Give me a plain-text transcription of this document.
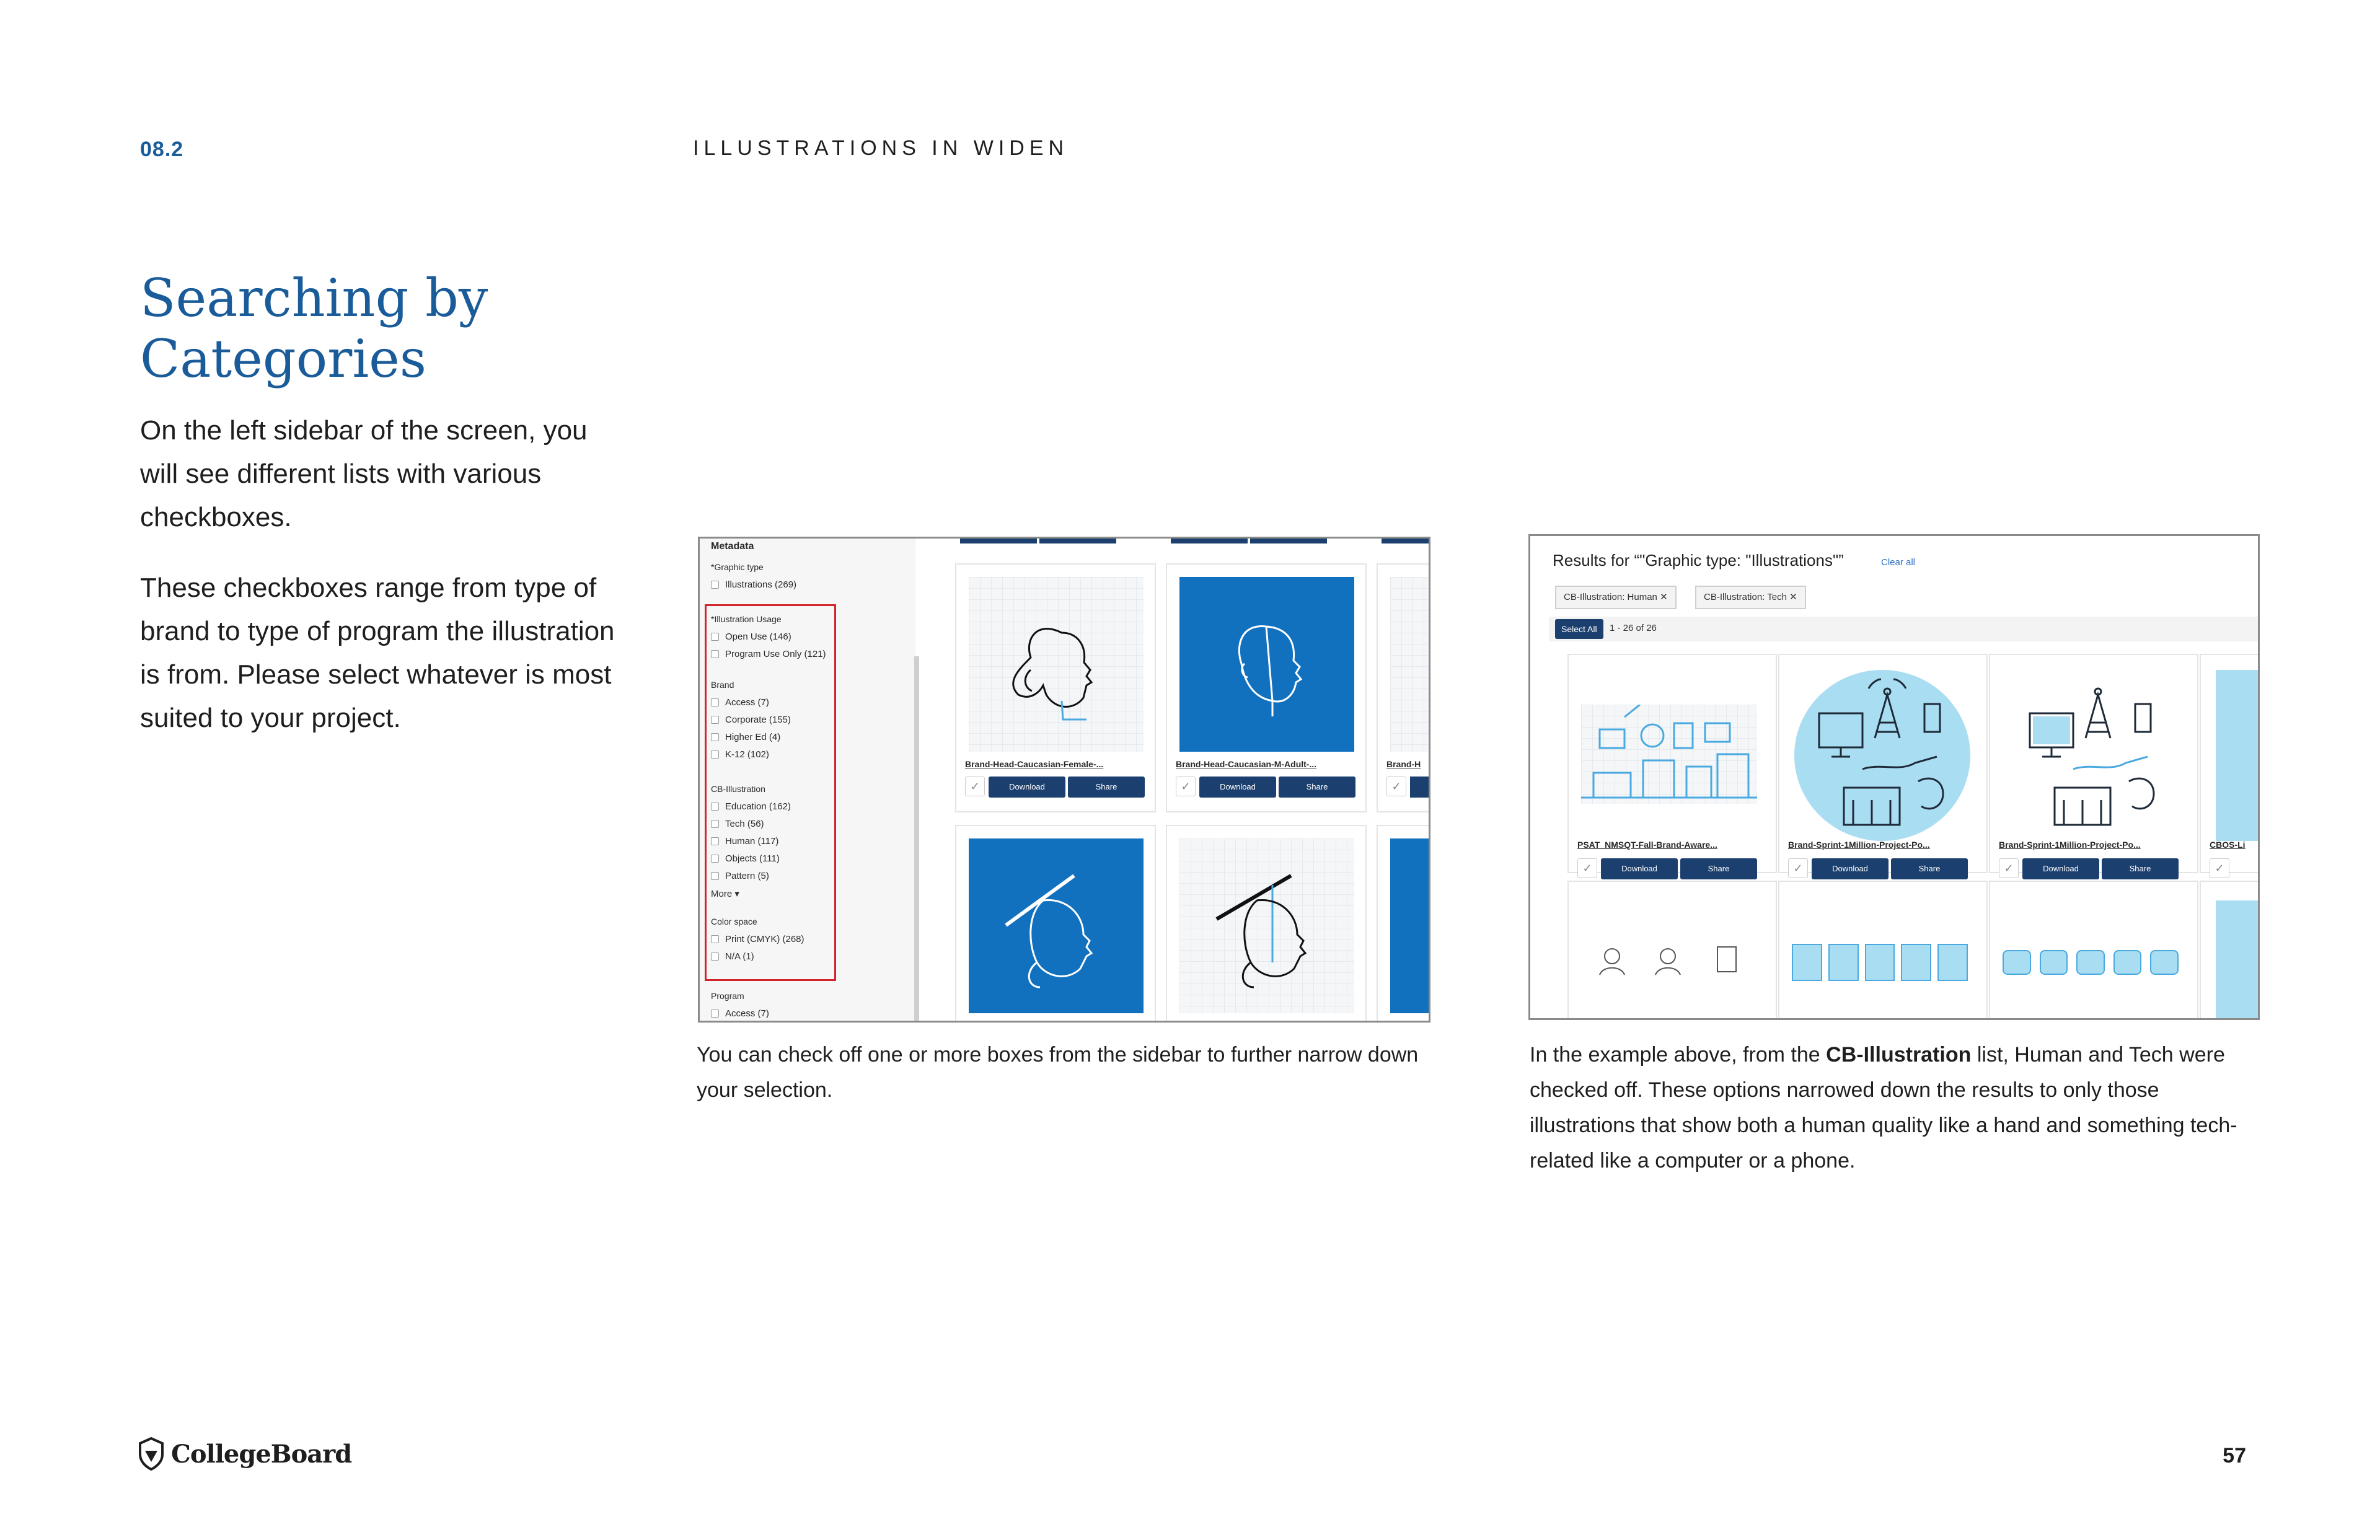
08.2	ILLUSTRATIONS IN WIDEN
Searching by Categories
On the left sidebar of the screen, you will see different lists with various checkboxes.
These checkboxes range from type of brand to type of program the illustration is from. Please select whatever is most suited to your project.
Metadata
*Graphic type
Illustrations (269)
*Illustration Usage
Open Use (146)
Program Use Only (121)
Brand
Access (7)
Corporate (155)
Higher Ed (4)
K-12 (102)
CB-Illustration
Education (162)
Tech (56)
Human (117)
Objects (111)
Pattern (5)
More ▾
Color space
Print (CMYK) (268)
N/A (1)
Program
Access (7)
Brand-Head-Caucasian-Female-...
✓	Download	Share
Brand-Head-Caucasian-M-Adult-...
✓	Download	Share
Brand-H
✓
Results for “"Graphic type: "Illustrations"”	Clear all
CB-Illustration: Human ✕	CB-Illustration: Tech ✕
Select All	1 - 26 of 26
PSAT_NMSQT-Fall-Brand-Aware...
✓	Download	Share
Brand-Sprint-1Million-Project-Po...
✓	Download	Share
Brand-Sprint-1Million-Project-Po...
✓	Download	Share
CBOS-Li
✓
You can check off one or more boxes from the sidebar to further narrow down your selection.
In the example above, from the CB-Illustration list, Human and Tech were checked off. These options narrowed down the results to only those illustrations that show both a human quality like a hand and something tech-related like a computer or a phone.
CollegeBoard	57
